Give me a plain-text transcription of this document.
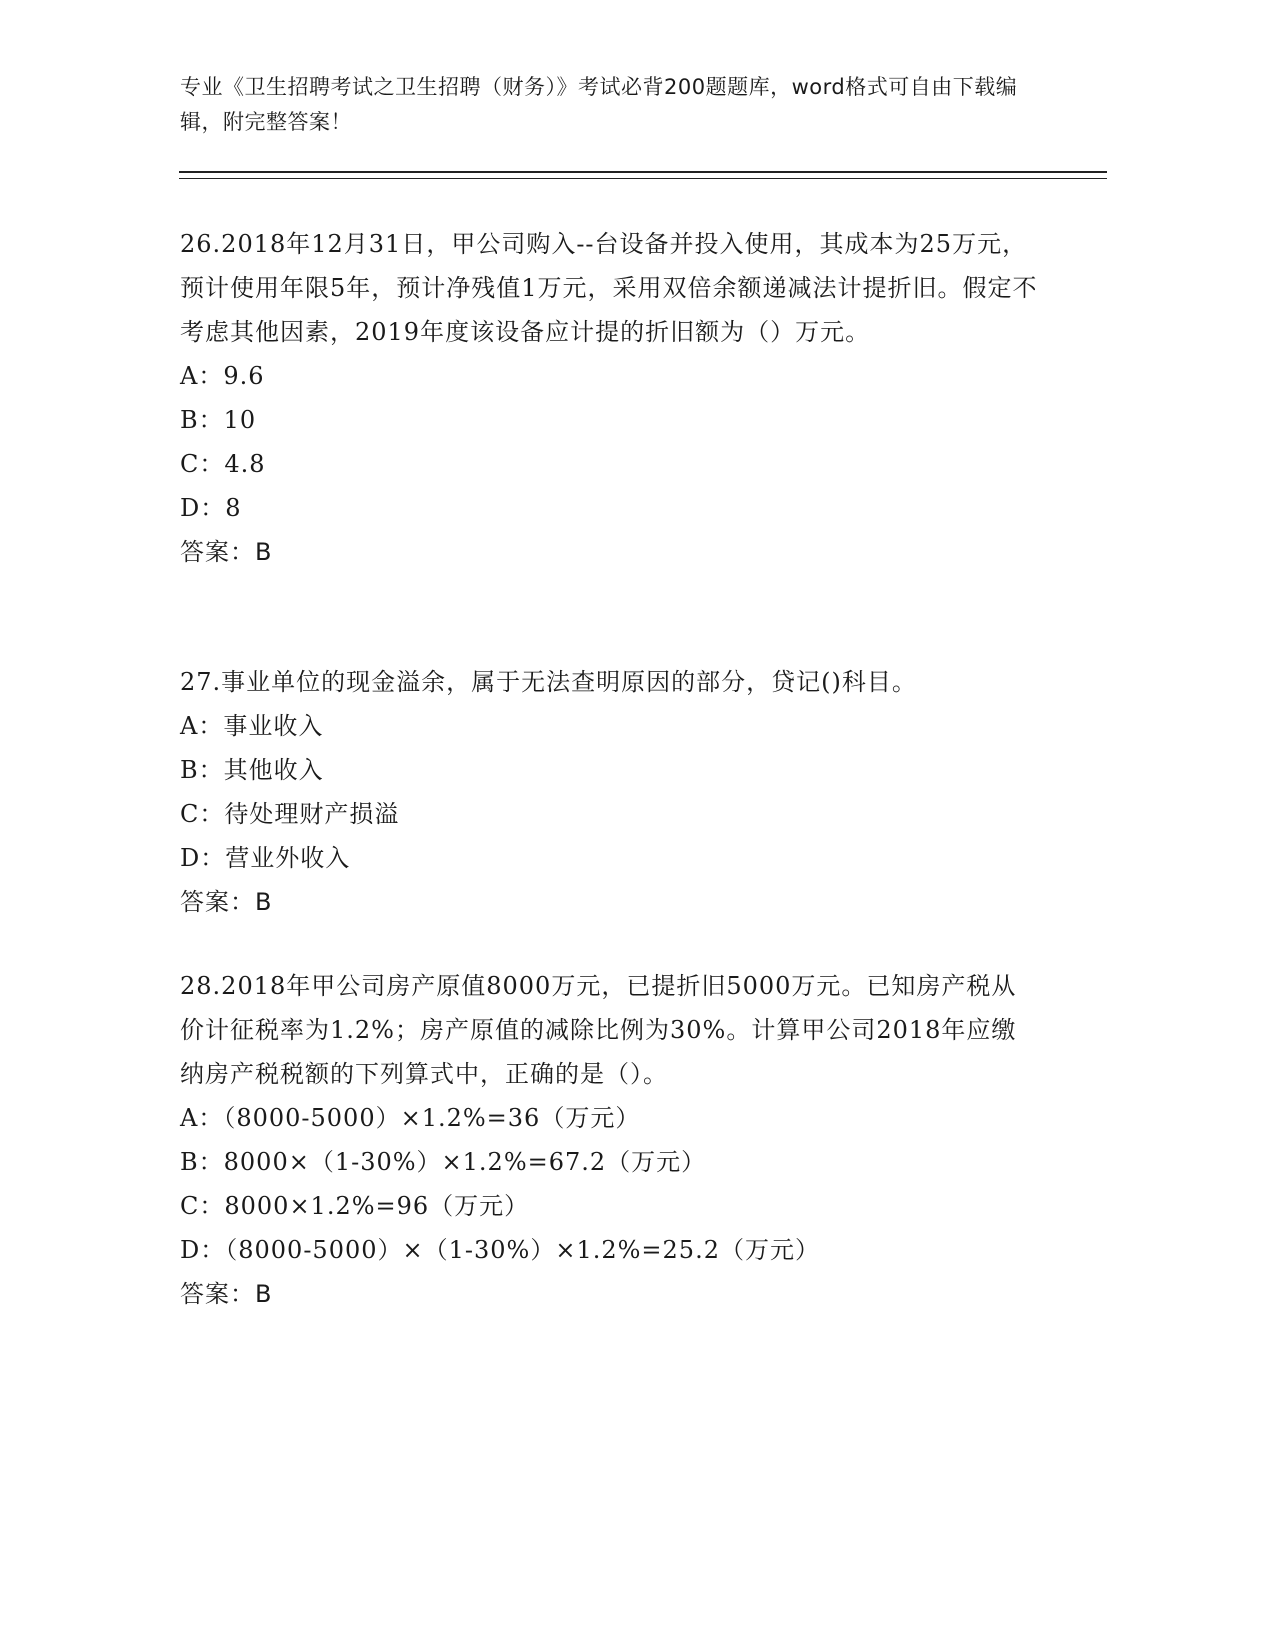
专业《卫生招聘考试之卫生招聘（财务）》考试必背200题题库，word格式可自由下载编辑，附完整答案！
26.2018年12月31日，甲公司购入--台设备并投入使用，其成本为25万元，预计使用年限5年，预计净残值1万元，采用双倍余额递减法计提折旧。假定不考虑其他因素，2019年度该设备应计提的折旧额为（）万元。
A：9.6
B：10
C：4.8
D：8
答案：B
27.事业单位的现金溢余，属于无法查明原因的部分，贷记()科目。
A：事业收入
B：其他收入
C：待处理财产损溢
D：营业外收入
答案：B
28.2018年甲公司房产原值8000万元，已提折旧5000万元。已知房产税从价计征税率为1.2%；房产原值的减除比例为30%。计算甲公司2018年应缴纳房产税税额的下列算式中，正确的是（）。
A：（8000-5000）×1.2%=36（万元）
B：8000×（1-30%）×1.2%=67.2（万元）
C：8000×1.2%=96（万元）
D：（8000-5000）×（1-30%）×1.2%=25.2（万元）
答案：B
